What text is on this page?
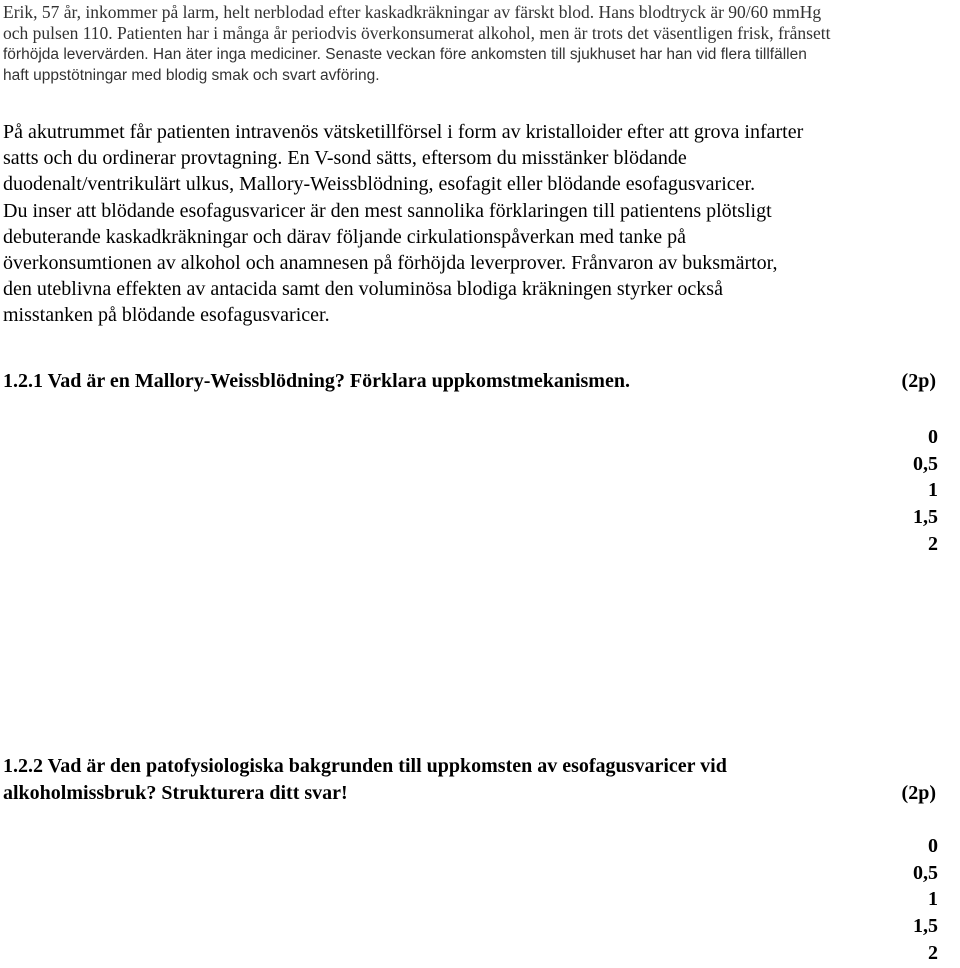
Erik, 57 år, inkommer på larm, helt nerblodad efter kaskadkräkningar av färskt blod. Hans blodtryck är 90/60 mmHg
och pulsen 110. Patienten har i många år periodvis överkonsumerat alkohol, men är trots det väsentligen frisk, frånsett
förhöjda levervärden. Han äter inga mediciner. Senaste veckan före ankomsten till sjukhuset har han vid flera tillfällen
haft uppstötningar med blodig smak och svart avföring.
På akutrummet får patienten intravenös vätsketillförsel i form av kristalloider efter att grova infarter
satts och du ordinerar provtagning. En V-sond sätts, eftersom du misstänker blödande
duodenalt/ventrikulärt ulkus, Mallory-Weissblödning, esofagit eller blödande esofagusvaricer.
Du inser att blödande esofagusvaricer är den mest sannolika förklaringen till patientens plötsligt
debuterande kaskadkräkningar och därav följande cirkulationspåverkan med tanke på
överkonsumtionen av alkohol och anamnesen på förhöjda leverprover. Frånvaron av buksmärtor,
den uteblivna effekten av antacida samt den voluminösa blodiga kräkningen styrker också
misstanken på blödande esofagusvaricer.
1.2.1 Vad är en Mallory-Weissblödning? Förklara uppkomstmekanismen.	(2p)
0
0,5
1
1,5
2
1.2.2 Vad är den patofysiologiska bakgrunden till uppkomsten av esofagusvaricer vid
alkoholmissbruk? Strukturera ditt svar!	(2p)
0
0,5
1
1,5
2
